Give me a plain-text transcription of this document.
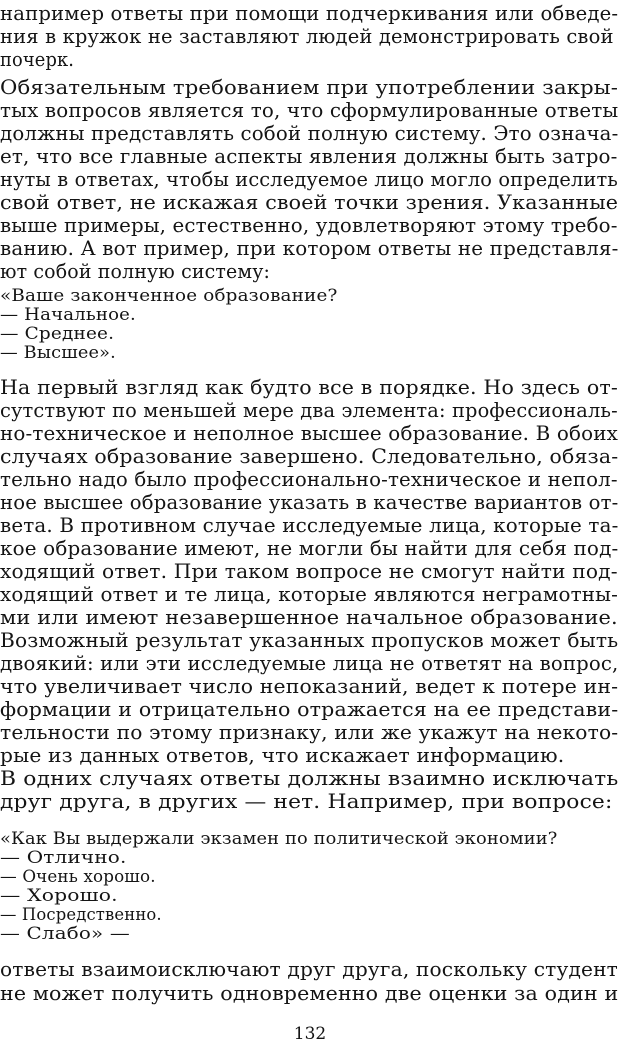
например ответы при помощи подчеркивания или обведе-
ния в кружок не заставляют людей демонстрировать свой
почерк.
Обязательным требованием при употреблении закры-
тых вопросов является то, что сформулированные ответы
должны представлять собой полную систему. Это означа-
ет, что все главные аспекты явления должны быть затро-
нуты в ответах, чтобы исследуемое лицо могло определить
свой ответ, не искажая своей точки зрения. Указанные
выше примеры, естественно, удовлетворяют этому требо-
ванию. А вот пример, при котором ответы не представля-
ют собой полную систему:
«Ваше законченное образование?
— Начальное.
— Среднее.
— Высшее».
На первый взгляд как будто все в порядке. Но здесь от-
сутствуют по меньшей мере два элемента: профессиональ-
но-техническое и неполное высшее образование. В обоих
случаях образование завершено. Следовательно, обяза-
тельно надо было профессионально-техническое и непол-
ное высшее образование указать в качестве вариантов от-
вета. В противном случае исследуемые лица, которые та-
кое образование имеют, не могли бы найти для себя под-
ходящий ответ. При таком вопросе не смогут найти под-
ходящий ответ и те лица, которые являются неграмотны-
ми или имеют незавершенное начальное образование.
Возможный результат указанных пропусков может быть
двоякий: или эти исследуемые лица не ответят на вопрос,
что увеличивает число непоказаний, ведет к потере ин-
формации и отрицательно отражается на ее представи-
тельности по этому признаку, или же укажут на некото-
рые из данных ответов, что искажает информацию.
В одних случаях ответы должны взаимно исключать
друг друга, в других — нет. Например, при вопросе:
«Как Вы выдержали экзамен по политической экономии?
— Отлично.
— Очень хорошо.
— Хорошо.
— Посредственно.
— Слабо» —
ответы взаимоисключают друг друга, поскольку студент
не может получить одновременно две оценки за один и
132
